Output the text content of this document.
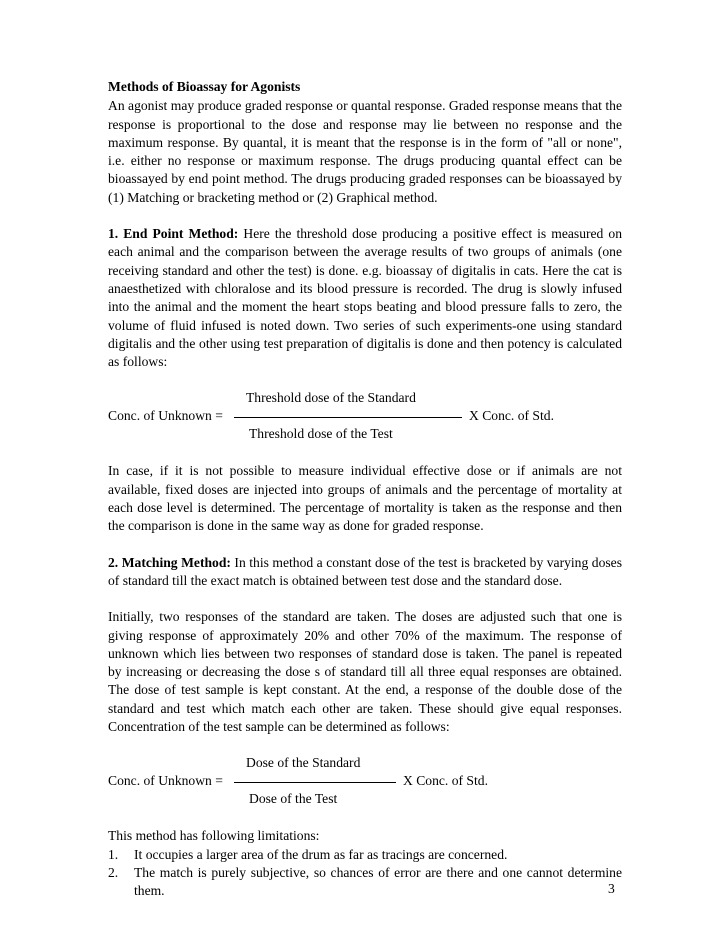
Methods of Bioassay for Agonists

An agonist may produce graded response or quantal response. Graded response means that the response is proportional to the dose and response may lie between no response and the maximum response. By quantal, it is meant that the response is in the form of "all or none", i.e. either no response or maximum response. The drugs producing quantal effect can be bioassayed by end point method. The drugs producing graded responses can be bioassayed by (1) Matching or bracketing method or (2) Graphical method.

1. End Point Method: Here the threshold dose producing a positive effect is measured on each animal and the comparison between the average results of two groups of animals (one receiving standard and other the test) is done. e.g. bioassay of digitalis in cats. Here the cat is anaesthetized with chloralose and its blood pressure is recorded. The drug is slowly infused into the animal and the moment the heart stops beating and blood pressure falls to zero, the volume of fluid infused is noted down. Two series of such experiments-one using standard digitalis and the other using test preparation of digitalis is done and then potency is calculated as follows:

Threshold dose of the Standard
Conc. of Unknown =	X Conc. of Std.
Threshold dose of the Test

In case, if it is not possible to measure individual effective dose or if animals are not available, fixed doses are injected into groups of animals and the percentage of mortality at each dose level is determined. The percentage of mortality is taken as the response and then the comparison is done in the same way as done for graded response.

2. Matching Method: In this method a constant dose of the test is bracketed by varying doses of standard till the exact match is obtained between test dose and the standard dose.

Initially, two responses of the standard are taken. The doses are adjusted such that one is giving response of approximately 20% and other 70% of the maximum. The response of unknown which lies between two responses of standard dose is taken. The panel is repeated by increasing or decreasing the dose s of standard till all three equal responses are obtained. The dose of test sample is kept constant. At the end, a response of the double dose of the standard and test which match each other are taken. These should give equal responses. Concentration of the test sample can be determined as follows:

Dose of the Standard
Conc. of Unknown =	X Conc. of Std.
Dose of the Test

This method has following limitations:

1. It occupies a larger area of the drum as far as tracings are concerned.
2. The match is purely subjective, so chances of error are there and one cannot determine them.	3
